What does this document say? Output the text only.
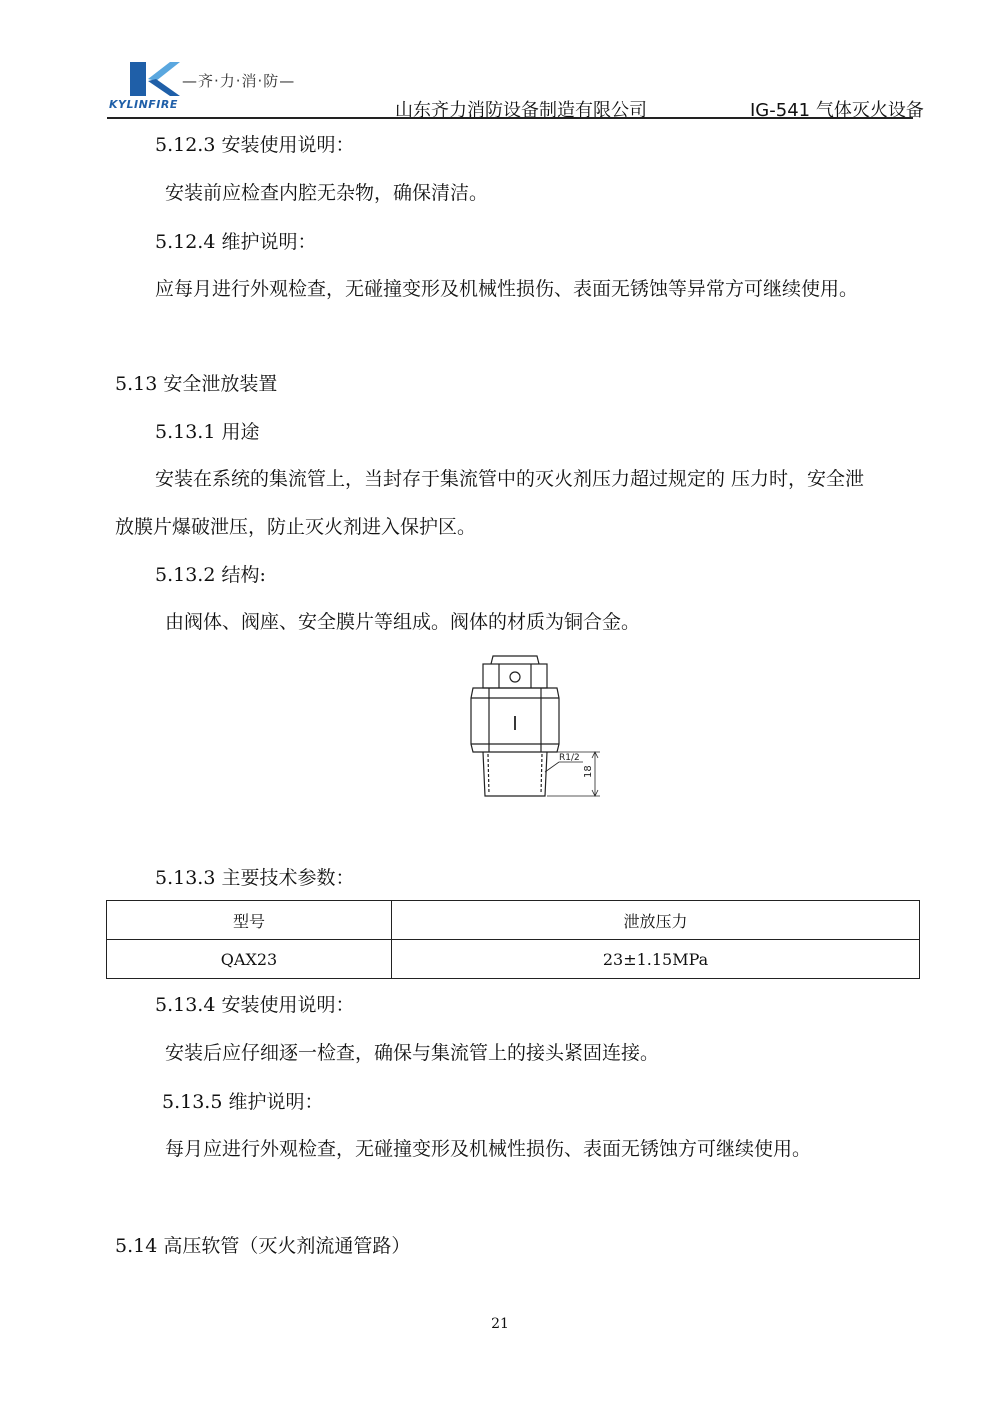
—齐·力·消·防—
KYLINFIRE	山东齐力消防设备制造有限公司	IG-541 气体灭火设备
5.12.3 安装使用说明：
安装前应检查内腔无杂物，确保清洁。
5.12.4 维护说明：
应每月进行外观检查，无碰撞变形及机械性损伤、表面无锈蚀等异常方可继续使用。
5.13 安全泄放装置
5.13.1 用途
安装在系统的集流管上，当封存于集流管中的灭火剂压力超过规定的 压力时，安全泄
放膜片爆破泄压，防止灭火剂进入保护区。
5.13.2 结构:
由阀体、阀座、安全膜片等组成。阀体的材质为铜合金。
R1/2
18
5.13.3 主要技术参数：
型号	泄放压力
QAX23	23±1.15MPa
5.13.4 安装使用说明：
安装后应仔细逐一检查，确保与集流管上的接头紧固连接。
5.13.5 维护说明：
每月应进行外观检查，无碰撞变形及机械性损伤、表面无锈蚀方可继续使用。
5.14 高压软管（灭火剂流通管路）
21
